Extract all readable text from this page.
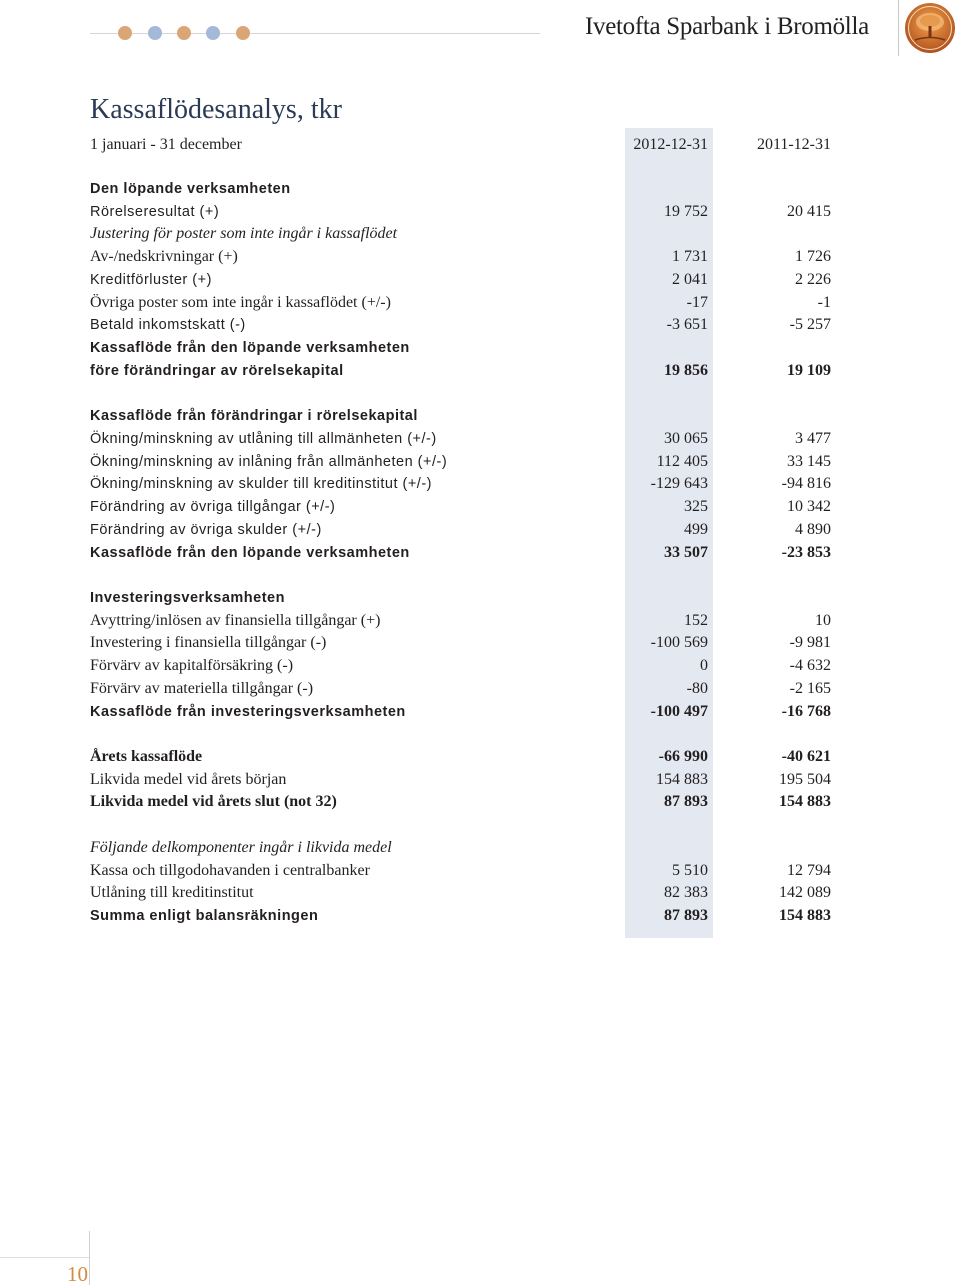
Ivetofta Sparbank i Bromölla
Kassaflödesanalys, tkr
1 januari - 31 december	2012-12-31	2011-12-31
Den löpande verksamheten
Rörelseresultat (+)	19 752	20 415
Justering för poster som inte ingår i kassaflödet
Av-/nedskrivningar (+)	1 731	1 726
Kreditförluster (+)	2 041	2 226
Övriga poster som inte ingår i kassaflödet (+/-)	-17	-1
Betald inkomstskatt (-)	-3 651	-5 257
Kassaflöde från den löpande verksamheten
före förändringar av rörelsekapital	19 856	19 109
Kassaflöde från förändringar i rörelsekapital
Ökning/minskning av utlåning till allmänheten (+/-)	30 065	3 477
Ökning/minskning av inlåning från allmänheten (+/-)	112 405	33 145
Ökning/minskning av skulder till kreditinstitut (+/-)	-129 643	-94 816
Förändring av övriga tillgångar (+/-)	325	10 342
Förändring av övriga skulder (+/-)	499	4 890
Kassaflöde från den löpande verksamheten	33 507	-23 853
Investeringsverksamheten
Avyttring/inlösen av finansiella tillgångar (+)	152	10
Investering i finansiella tillgångar (-)	-100 569	-9 981
Förvärv av kapitalförsäkring (-)	0	-4 632
Förvärv av materiella tillgångar (-)	-80	-2 165
Kassaflöde från investeringsverksamheten	-100 497	-16 768
Årets kassaflöde	-66 990	-40 621
Likvida medel vid årets början	154 883	195 504
Likvida medel vid årets slut (not 32)	87 893	154 883
Följande delkomponenter ingår i likvida medel
Kassa och tillgodohavanden i centralbanker	5 510	12 794
Utlåning till kreditinstitut	82 383	142 089
Summa enligt balansräkningen	87 893	154 883
10
